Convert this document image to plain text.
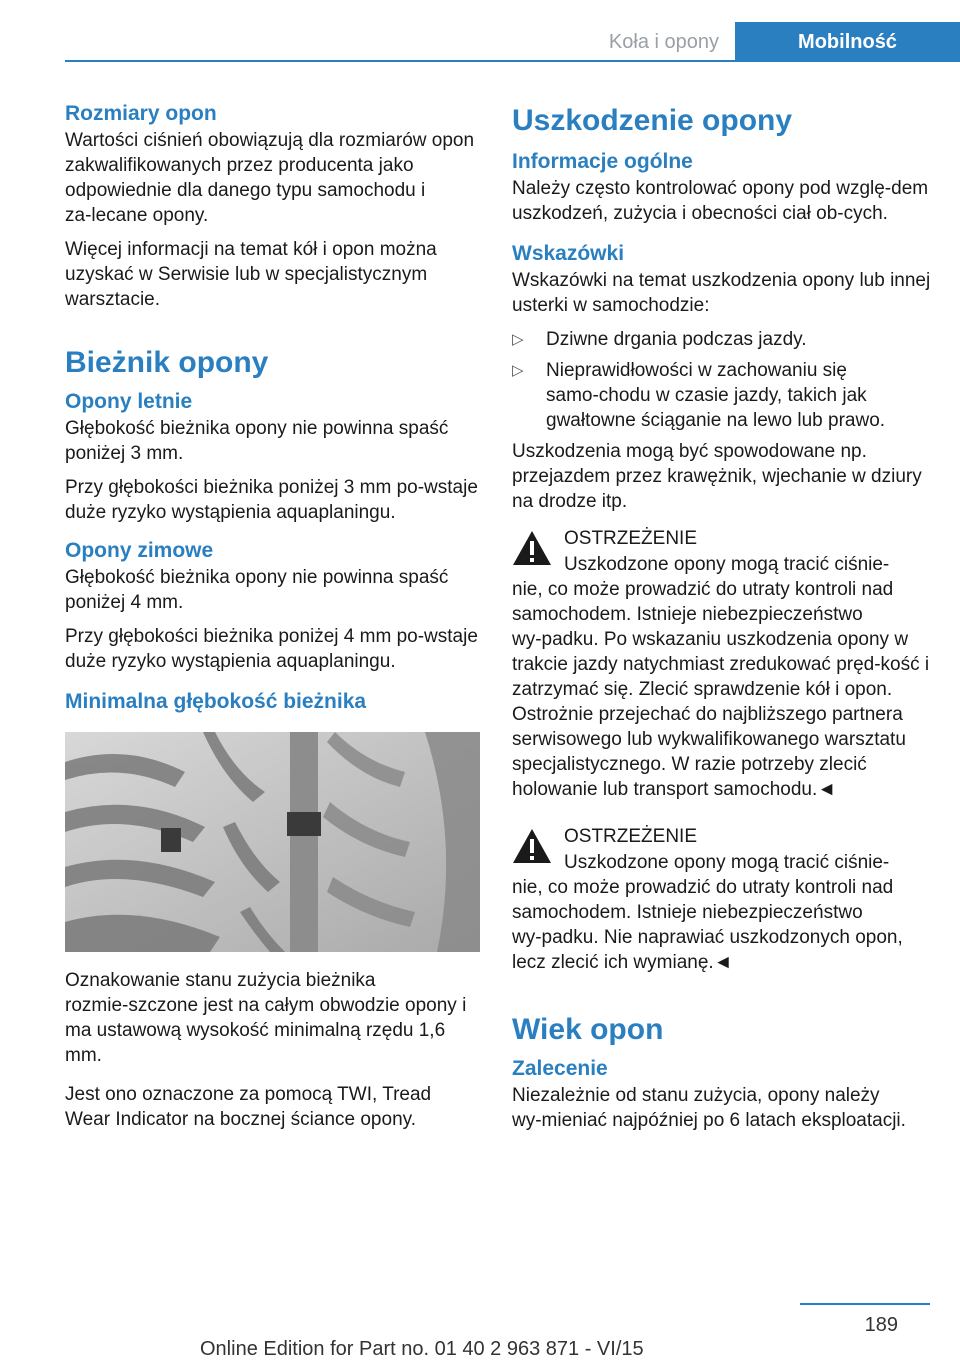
Koła i opony	Mobilność
Rozmiary opon

Wartości ciśnień obowiązują dla rozmiarów opon zakwalifikowanych przez producenta jako odpowiednie dla danego typu samochodu i za‑lecane opony.

Więcej informacji na temat kół i opon można uzyskać w Serwisie lub w specjalistycznym warsztacie.

Bieżnik opony
Opony letnie

Głębokość bieżnika opony nie powinna spaść poniżej 3 mm.

Przy głębokości bieżnika poniżej 3 mm po‑wstaje duże ryzyko wystąpienia aquaplaningu.

Opony zimowe

Głębokość bieżnika opony nie powinna spaść poniżej 4 mm.

Przy głębokości bieżnika poniżej 4 mm po‑wstaje duże ryzyko wystąpienia aquaplaningu.

Minimalna głębokość bieżnika

Oznakowanie stanu zużycia bieżnika rozmie‑szczone jest na całym obwodzie opony i ma ustawową wysokość minimalną rzędu 1,6 mm.

Jest ono oznaczone za pomocą TWI, Tread Wear Indicator na bocznej ściance opony.

Uszkodzenie opony
Informacje ogólne

Należy często kontrolować opony pod wzglę‑dem uszkodzeń, zużycia i obecności ciał ob‑cych.

Wskazówki

Wskazówki na temat uszkodzenia opony lub innej usterki w samochodzie:

▷ Dziwne drgania podczas jazdy.
▷ Nieprawidłowości w zachowaniu się samo‑chodu w czasie jazdy, takich jak gwałtowne ściąganie na lewo lub prawo.

Uszkodzenia mogą być spowodowane np. przejazdem przez krawężnik, wjechanie w dziury na drodze itp.

OSTRZEŻENIE
Uszkodzone opony mogą tracić ciśnie‑
nie, co może prowadzić do utraty kontroli nad samochodem. Istnieje niebezpieczeństwo wy‑padku. Po wskazaniu uszkodzenia opony w trakcie jazdy natychmiast zredukować pręd‑kość i zatrzymać się. Zlecić sprawdzenie kół i opon. Ostrożnie przejechać do najbliższego partnera serwisowego lub wykwalifikowanego warsztatu specjalistycznego. W razie potrzeby zlecić holowanie lub transport samochodu.◄
OSTRZEŻENIE
Uszkodzone opony mogą tracić ciśnie‑
nie, co może prowadzić do utraty kontroli nad samochodem. Istnieje niebezpieczeństwo wy‑padku. Nie naprawiać uszkodzonych opon, lecz zlecić ich wymianę.◄
Wiek opon
Zalecenie

Niezależnie od stanu zużycia, opony należy wy‑mieniać najpóźniej po 6 latach eksploatacji.

189
Online Edition for Part no. 01 40 2 963 871 - VI/15
